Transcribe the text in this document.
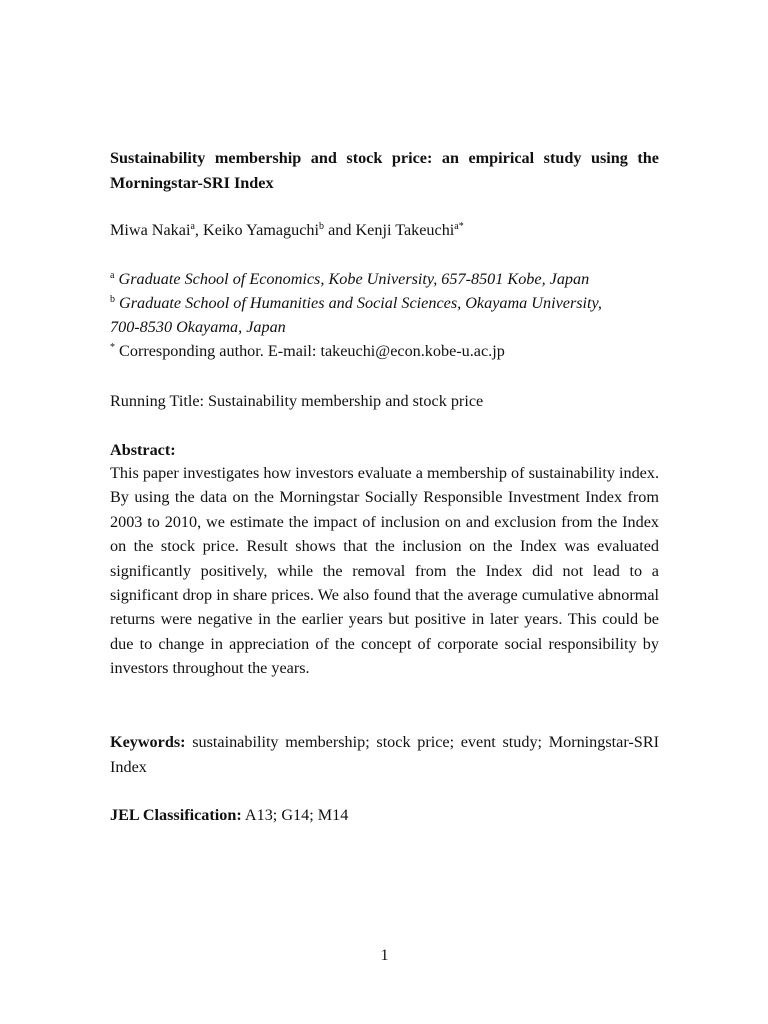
Sustainability membership and stock price: an empirical study using the Morningstar-SRI Index
Miwa Nakai$^a$, Keiko Yamaguchi$^b$ and Kenji Takeuchi$^{a*}$
$^a$ Graduate School of Economics, Kobe University, 657-8501 Kobe, Japan
$^b$ Graduate School of Humanities and Social Sciences, Okayama University,
700-8530 Okayama, Japan
* Corresponding author. E-mail: takeuchi@econ.kobe-u.ac.jp
Running Title: Sustainability membership and stock price
Abstract:
This paper investigates how investors evaluate a membership of sustainability index. By using the data on the Morningstar Socially Responsible Investment Index from 2003 to 2010, we estimate the impact of inclusion on and exclusion from the Index on the stock price. Result shows that the inclusion on the Index was evaluated significantly positively, while the removal from the Index did not lead to a significant drop in share prices. We also found that the average cumulative abnormal returns were negative in the earlier years but positive in later years. This could be due to change in appreciation of the concept of corporate social responsibility by investors throughout the years.
Keywords: sustainability membership; stock price; event study; Morningstar-SRI Index
JEL Classification: A13; G14; M14
1
